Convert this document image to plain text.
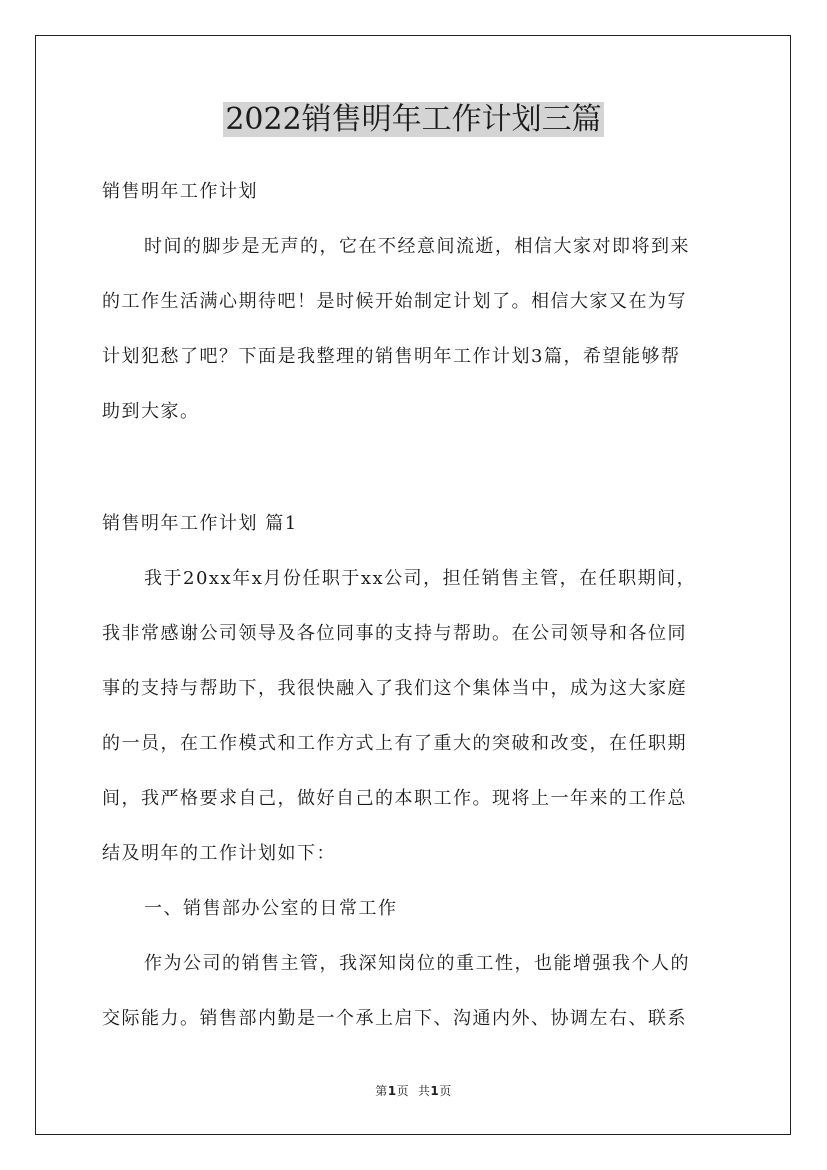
2022销售明年工作计划三篇
销售明年工作计划
时间的脚步是无声的，它在不经意间流逝，相信大家对即将到来
的工作生活满心期待吧！是时候开始制定计划了。相信大家又在为写
计划犯愁了吧？下面是我整理的销售明年工作计划3篇，希望能够帮
助到大家。
销售明年工作计划 篇1
我于20xx年x月份任职于xx公司，担任销售主管，在任职期间，
我非常感谢公司领导及各位同事的支持与帮助。在公司领导和各位同
事的支持与帮助下，我很快融入了我们这个集体当中，成为这大家庭
的一员，在工作模式和工作方式上有了重大的突破和改变，在任职期
间，我严格要求自己，做好自己的本职工作。现将上一年来的工作总
结及明年的工作计划如下：
一、销售部办公室的日常工作
作为公司的销售主管，我深知岗位的重工性，也能增强我个人的
交际能力。销售部内勤是一个承上启下、沟通内外、协调左右、联系
第1页 共1页
